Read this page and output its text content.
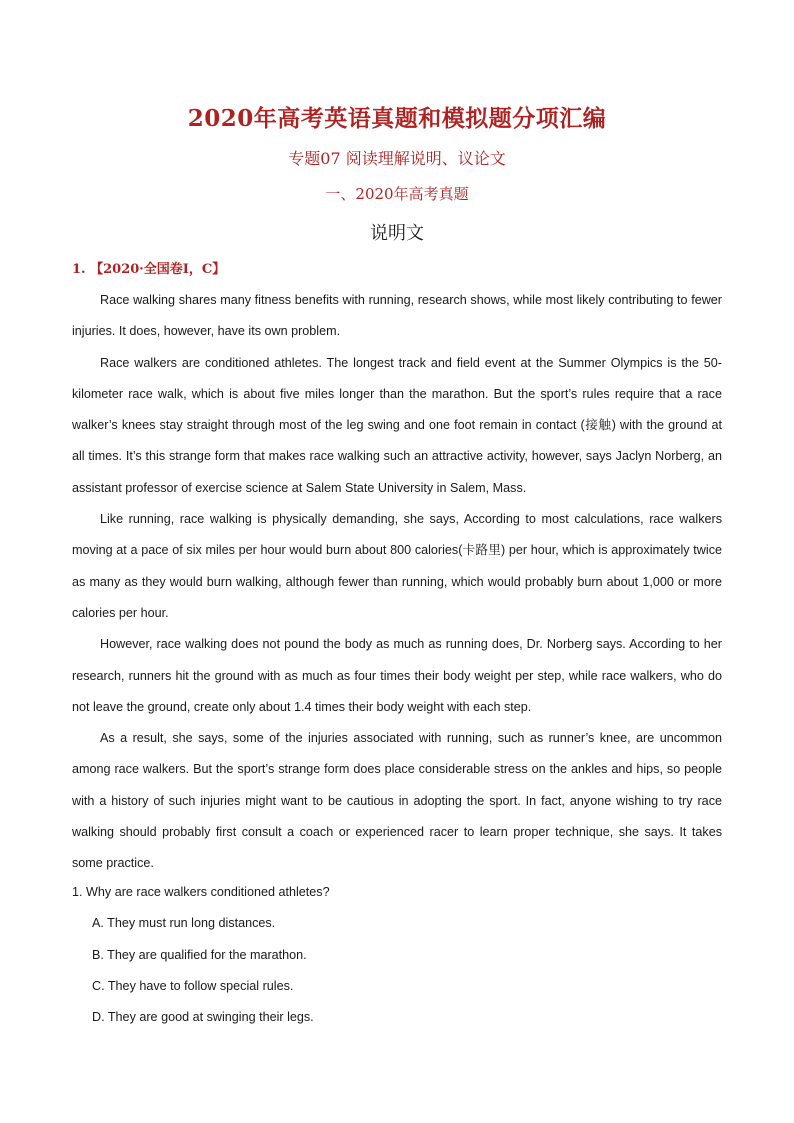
2020年高考英语真题和模拟题分项汇编
专题07 阅读理解说明、议论文
一、2020年高考真题
说明文
1. 【2020·全国卷Ⅰ，C】

Race walking shares many fitness benefits with running, research shows, while most likely contributing to fewer injuries. It does, however, have its own problem.

Race walkers are conditioned athletes. The longest track and field event at the Summer Olympics is the 50-kilometer race walk, which is about five miles longer than the marathon. But the sport’s rules require that a race walker’s knees stay straight through most of the leg swing and one foot remain in contact (接触) with the ground at all times. It’s this strange form that makes race walking such an attractive activity, however, says Jaclyn Norberg, an assistant professor of exercise science at Salem State University in Salem, Mass.

Like running, race walking is physically demanding, she says, According to most calculations, race walkers moving at a pace of six miles per hour would burn about 800 calories(卡路里) per hour, which is approximately twice as many as they would burn walking, although fewer than running, which would probably burn about 1,000 or more calories per hour.

However, race walking does not pound the body as much as running does, Dr. Norberg says. According to her research, runners hit the ground with as much as four times their body weight per step, while race walkers, who do not leave the ground, create only about 1.4 times their body weight with each step.

As a result, she says, some of the injuries associated with running, such as runner’s knee, are uncommon among race walkers. But the sport’s strange form does place considerable stress on the ankles and hips, so people with a history of such injuries might want to be cautious in adopting the sport. In fact, anyone wishing to try race walking should probably first consult a coach or experienced racer to learn proper technique, she says. It takes some practice.

1. Why are race walkers conditioned athletes?
A. They must run long distances.
B. They are qualified for the marathon.
C. They have to follow special rules.
D. They are good at swinging their legs.
